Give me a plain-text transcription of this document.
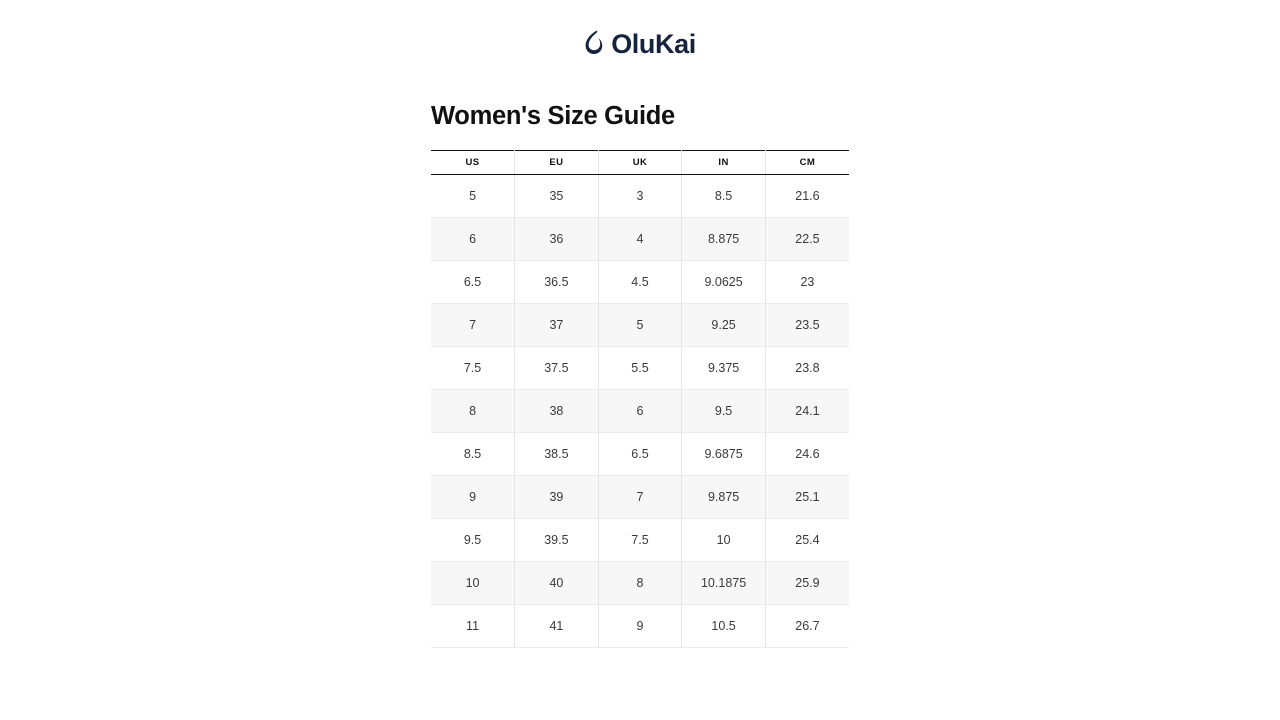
OluKai
Women's Size Guide
US	EU	UK	IN	CM
5	35	3	8.5	21.6
6	36	4	8.875	22.5
6.5	36.5	4.5	9.0625	23
7	37	5	9.25	23.5
7.5	37.5	5.5	9.375	23.8
8	38	6	9.5	24.1
8.5	38.5	6.5	9.6875	24.6
9	39	7	9.875	25.1
9.5	39.5	7.5	10	25.4
10	40	8	10.1875	25.9
11	41	9	10.5	26.7
